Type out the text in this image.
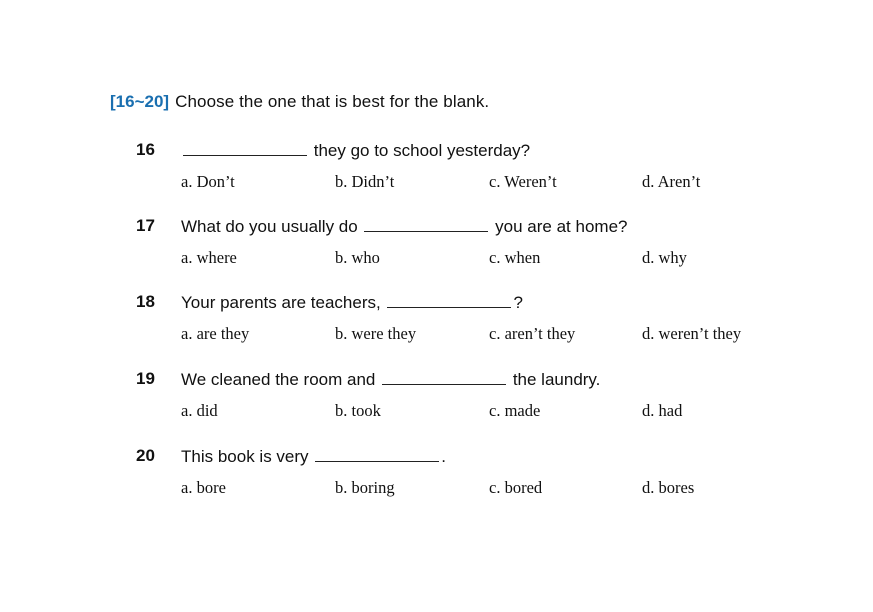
[16~20] Choose the one that is best for the blank.
16	they go to school yesterday?
a. Don’t	b. Didn’t	c. Weren’t	d. Aren’t
17 What do you usually do	you are at home?
a. where	b. who	c. when	d. why
18 Your parents are teachers,	?
a. are they	b. were they	c. aren’t they	d. weren’t they
19 We cleaned the room and	the laundry.
a. did	b. took	c. made	d. had
20 This book is very	.
a. bore	b. boring	c. bored	d. bores
